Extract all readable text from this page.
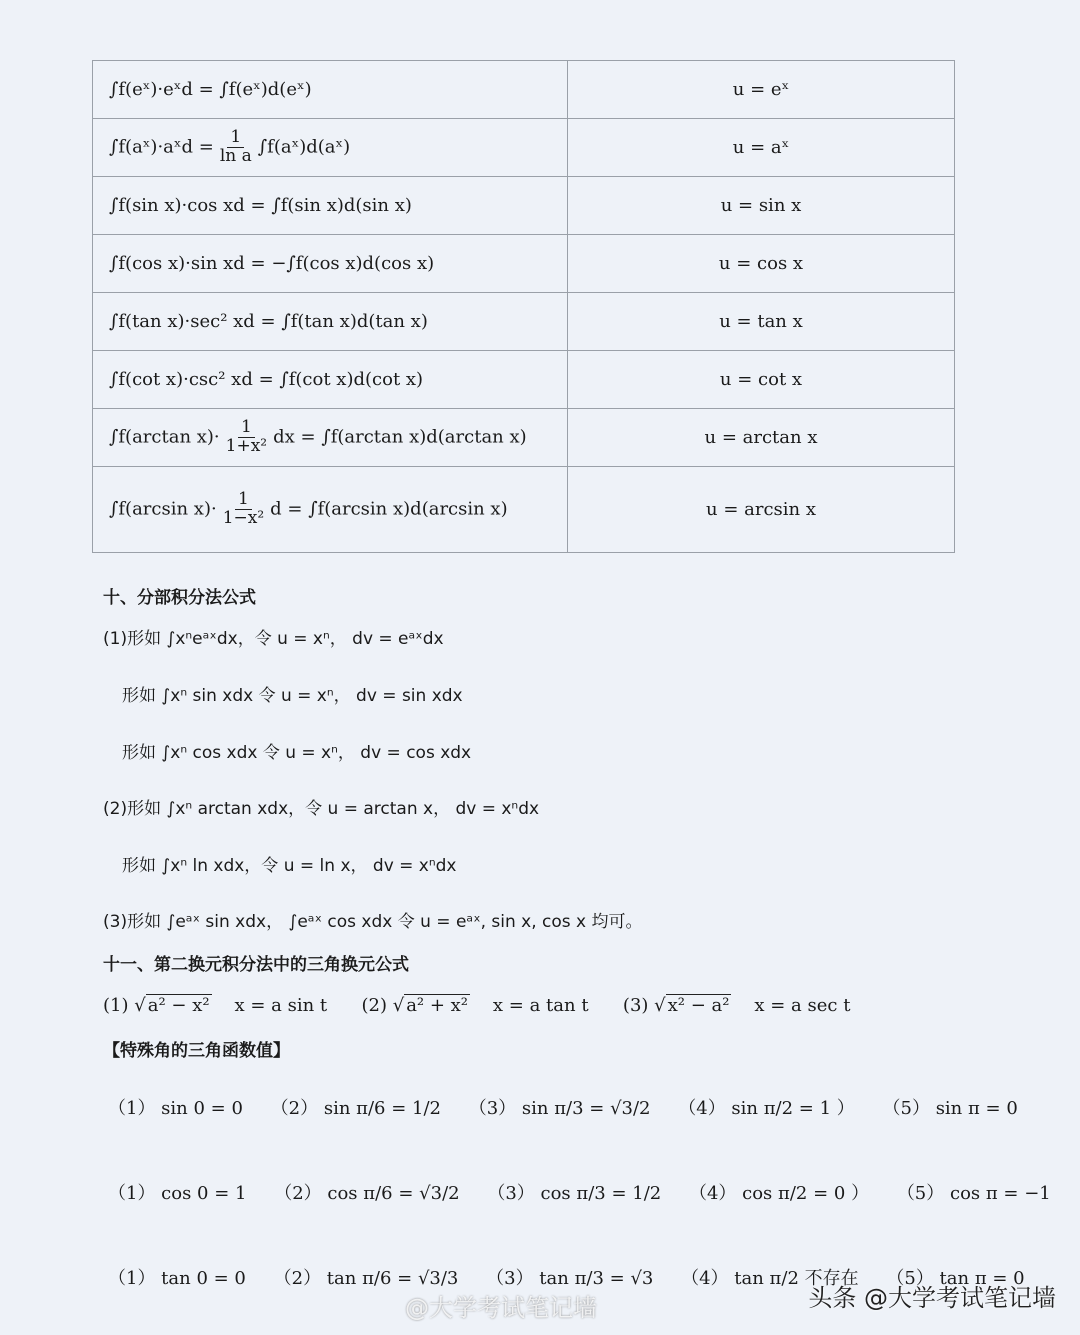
∫f(eˣ)·eˣd = ∫f(eˣ)d(eˣ)	u = eˣ
∫f(aˣ)·aˣd = $\frac{1}{\text{ln a}}$ ∫f(aˣ)d(aˣ)	u = aˣ
∫f(sin x)·cos xd = ∫f(sin x)d(sin x)	u = sin x
∫f(cos x)·sin xd = −∫f(cos x)d(cos x)	u = cos x
∫f(tan x)·sec² xd = ∫f(tan x)d(tan x)	u = tan x
∫f(cot x)·csc² xd = ∫f(cot x)d(cot x)	u = cot x
∫f(arctan $x)\cdot \frac{1}{\text{1+x²}}$ dx = ∫f(arctan x)d(arctan x)	u = arctan x
∫f(arcsin $x)\cdot \frac{1}{\text{1−x²}}$ d = ∫f(arcsin x)d(arcsin x)	u = arcsin x
十、分部积分法公式
(1)形如 ∫xⁿeᵃˣdx，令 u = xⁿ， dv = eᵃˣdx
形如 ∫xⁿ sin xdx 令 u = xⁿ， dv = sin xdx
形如 ∫xⁿ cos xdx 令 u = xⁿ， dv = cos xdx
(2)形如 ∫xⁿ arctan xdx，令 u = arctan x， dv = xⁿdx
形如 ∫xⁿ ln xdx，令 u = ln x， dv = xⁿdx
(3)形如 ∫eᵃˣ sin xdx， ∫eᵃˣ cos xdx 令 u = eᵃˣ, sin x, cos x 均可。
十一、第二换元积分法中的三角换元公式
(1) √ a² − x² x = a sin t (2) √ a² + x² x = a tan t (3) √ x² − a² x = a sec t
【特殊角的三角函数值】
（1） sin 0 = 0 （2） sin π/6 = 1/2 （3） sin π/3 = √3/2 （4） sin π/2 = 1 ） （5） sin π = 0
（1） cos 0 = 1 （2） cos π/6 = √3/2 （3） cos π/3 = 1/2 （4） cos π/2 = 0 ） （5） cos π = −1
（1） tan 0 = 0 （2） tan π/6 = √3/3 （3） tan π/3 = √3 （4） tan π/2 不存在 （5） tan π = 0
@大学考试笔记墙	头条 @大学考试笔记墙
